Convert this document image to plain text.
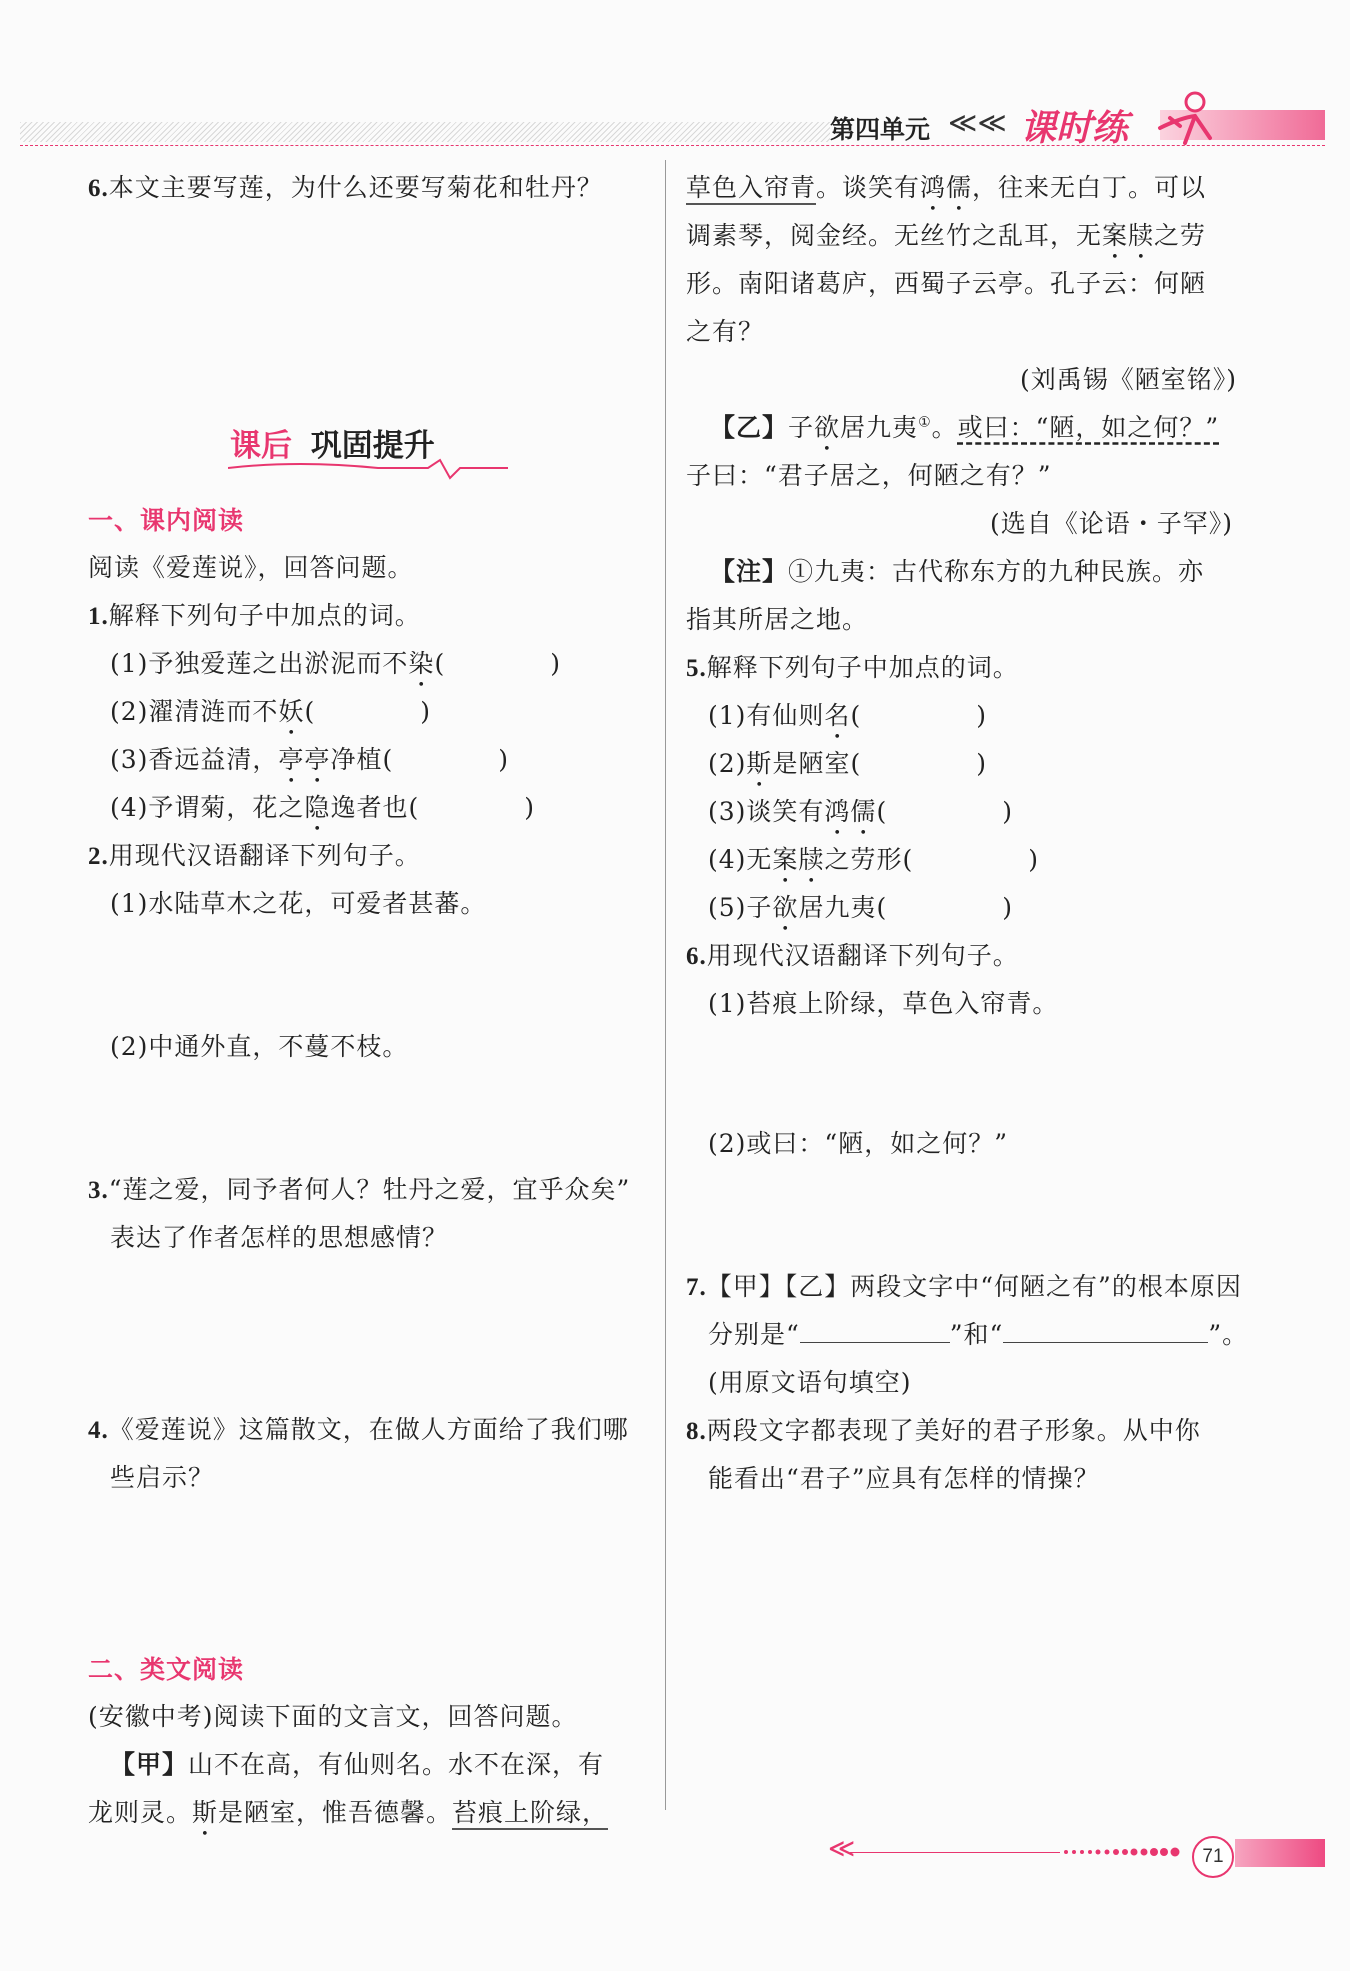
第四单元 ≪≪ 课时练
6.本文主要写莲，为什么还要写菊花和牡丹？
课后 巩固提升
一、课内阅读
阅读《爱莲说》，回答问题。
1.解释下列句子中加点的词。
(1)予独爱莲之出淤泥而不染(	)
(2)濯清涟而不妖(	)
(3)香远益清，亭亭净植(	)
(4)予谓菊，花之隐逸者也(	)
2.用现代汉语翻译下列句子。
(1)水陆草木之花，可爱者甚蕃。
(2)中通外直，不蔓不枝。
3.“莲之爱，同予者何人？牡丹之爱，宜乎众矣”
表达了作者怎样的思想感情？
4.《爱莲说》这篇散文，在做人方面给了我们哪
些启示？
二、类文阅读
(安徽中考)阅读下面的文言文，回答问题。
【甲】山不在高，有仙则名。水不在深，有
龙则灵。斯是陋室，惟吾德馨。苔痕上阶绿，
草色入帘青。谈笑有鸿儒，往来无白丁。可以
调素琴，阅金经。无丝竹之乱耳，无案牍之劳
形。南阳诸葛庐，西蜀子云亭。孔子云：何陋
之有？
(刘禹锡《陋室铭》)
【乙】子欲居九夷①。或曰：“陋，如之何？”
子曰：“君子居之，何陋之有？”
(选自《论语・子罕》)
【注】①九夷：古代称东方的九种民族。亦
指其所居之地。
5.解释下列句子中加点的词。
(1)有仙则名(	)
(2)斯是陋室(	)
(3)谈笑有鸿儒(	)
(4)无案牍之劳形(	)
(5)子欲居九夷(	)
6.用现代汉语翻译下列句子。
(1)苔痕上阶绿，草色入帘青。
(2)或曰：“陋，如之何？”
7.【甲】【乙】两段文字中“何陋之有”的根本原因
分别是“	”和“	”。
(用原文语句填空)
8.两段文字都表现了美好的君子形象。从中你
能看出“君子”应具有怎样的情操？
≪	71
